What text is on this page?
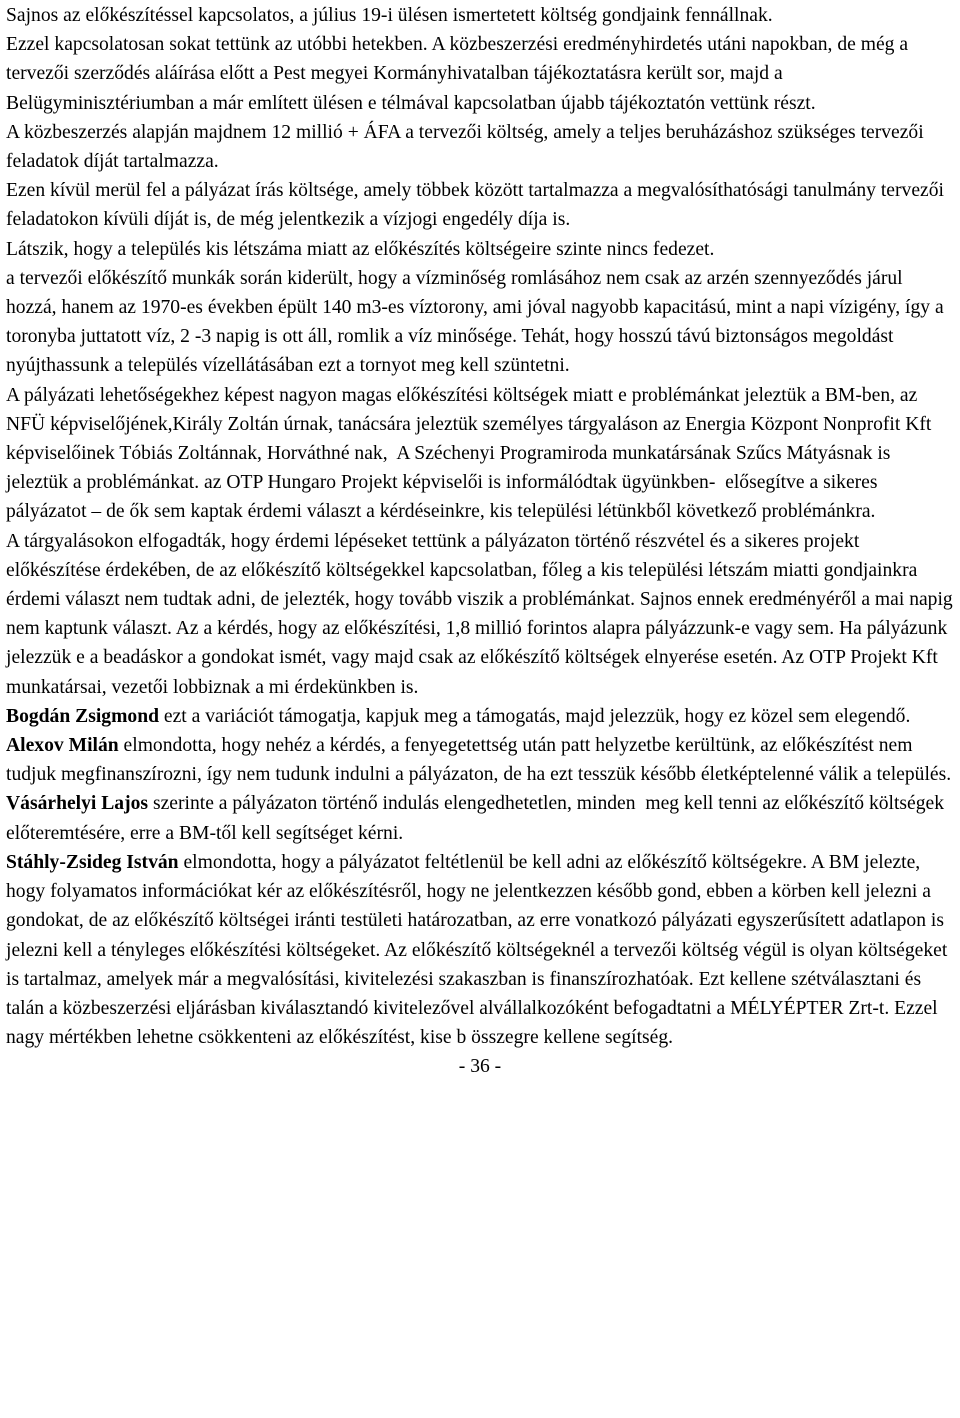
Sajnos az előkészítéssel kapcsolatos, a július 19-i ülésen ismertetett költség gondjaink fennállnak.

Ezzel kapcsolatosan sokat tettünk az utóbbi hetekben. A közbeszerzési eredményhirdetés utáni napokban, de még a tervezői szerződés aláírása előtt a Pest megyei Kormányhivatalban tájékoztatásra került sor, majd a Belügyminisztériumban a már említett ülésen e télmával kapcsolatban újabb tájékoztatón vettünk részt.

A közbeszerzés alapján majdnem 12 millió + ÁFA a tervezői költség, amely a teljes beruházáshoz szükséges tervezői feladatok díját tartalmazza.

Ezen kívül merül fel a pályázat írás költsége, amely többek között tartalmazza a megvalósíthatósági tanulmány tervezői feladatokon kívüli díját is, de még jelentkezik a vízjogi engedély díja is.

Látszik, hogy a település kis létszáma miatt az előkészítés költségeire szinte nincs fedezet.

a tervezői előkészítő munkák során kiderült, hogy a vízminőség romlásához nem csak az arzén szennyeződés járul hozzá, hanem az 1970-es években épült 140 m3-es víztorony, ami jóval nagyobb kapacitású, mint a napi vízigény, így a toronyba juttatott víz, 2 -3 napig is ott áll, romlik a víz minősége. Tehát, hogy hosszú távú biztonságos megoldást nyújthassunk a település vízellátásában ezt a tornyot meg kell szüntetni.

A pályázati lehetőségekhez képest nagyon magas előkészítési költségek miatt e problémánkat jeleztük a BM-ben, az NFÜ képviselőjének,Király Zoltán úrnak, tanácsára jeleztük személyes tárgyaláson az Energia Központ Nonprofit Kft képviselőinek Tóbiás Zoltánnak, Horváthné nak,  A Széchenyi Programiroda munkatársának Szűcs Mátyásnak is jeleztük a problémánkat. az OTP Hungaro Projekt képviselői is informálódtak ügyünkben-  elősegítve a sikeres pályázatot – de ők sem kaptak érdemi választ a kérdéseinkre, kis települési létünkből következő problémánkra.

A tárgyalásokon elfogadták, hogy érdemi lépéseket tettünk a pályázaton történő részvétel és a sikeres projekt előkészítése érdekében, de az előkészítő költségekkel kapcsolatban, főleg a kis települési létszám miatti gondjainkra érdemi választ nem tudtak adni, de jelezték, hogy tovább viszik a problémánkat. Sajnos ennek eredményéről a mai napig nem kaptunk választ. Az a kérdés, hogy az előkészítési, 1,8 millió forintos alapra pályázzunk-e vagy sem. Ha pályázunk jelezzük e a beadáskor a gondokat ismét, vagy majd csak az előkészítő költségek elnyerése esetén. Az OTP Projekt Kft munkatársai, vezetői lobbiznak a mi érdekünkben is.

Bogdán Zsigmond ezt a variációt támogatja, kapjuk meg a támogatás, majd jelezzük, hogy ez közel sem elegendő.

Alexov Milán elmondotta, hogy nehéz a kérdés, a fenyegetettség után patt helyzetbe kerültünk, az előkészítést nem tudjuk megfinanszírozni, így nem tudunk indulni a pályázaton, de ha ezt tesszük később életképtelenné válik a település.

Vásárhelyi Lajos szerinte a pályázaton történő indulás elengedhetetlen, minden  meg kell tenni az előkészítő költségek előteremtésére, erre a BM-től kell segítséget kérni.

Stáhly-Zsideg István elmondotta, hogy a pályázatot feltétlenül be kell adni az előkészítő költségekre. A BM jelezte, hogy folyamatos információkat kér az előkészítésről, hogy ne jelentkezzen később gond, ebben a körben kell jelezni a gondokat, de az előkészítő költségei iránti testületi határozatban, az erre vonatkozó pályázati egyszerűsített adatlapon is jelezni kell a tényleges előkészítési költségeket. Az előkészítő költségeknél a tervezői költség végül is olyan költségeket is tartalmaz, amelyek már a megvalósítási, kivitelezési szakaszban is finanszírozhatóak. Ezt kellene szétválasztani és talán a közbeszerzési eljárásban kiválasztandó kivitelezővel alvállalkozóként befogadtatni a MÉLYÉPTER Zrt-t. Ezzel nagy mértékben lehetne csökkenteni az előkészítést, kise b összegre kellene segítség.

- 36 -
